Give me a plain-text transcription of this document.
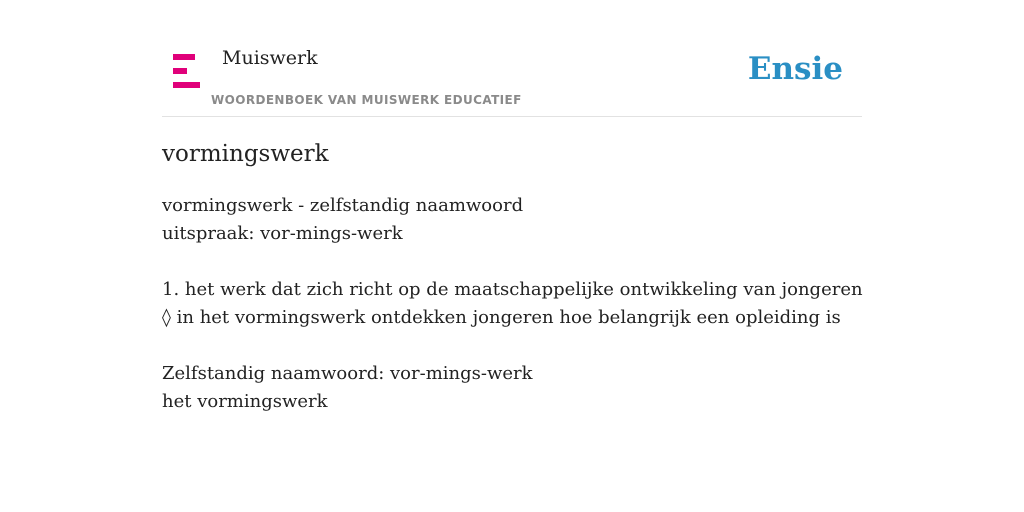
Muiswerk
WOORDENBOEK VAN MUISWERK EDUCATIEF
Ensie
vormingswerk
vormingswerk - zelfstandig naamwoord
uitspraak: vor-mings-werk
1. het werk dat zich richt op de maatschappelijke ontwikkeling van jongeren
◊ in het vormingswerk ontdekken jongeren hoe belangrijk een opleiding is
Zelfstandig naamwoord: vor-mings-werk
het vormingswerk
